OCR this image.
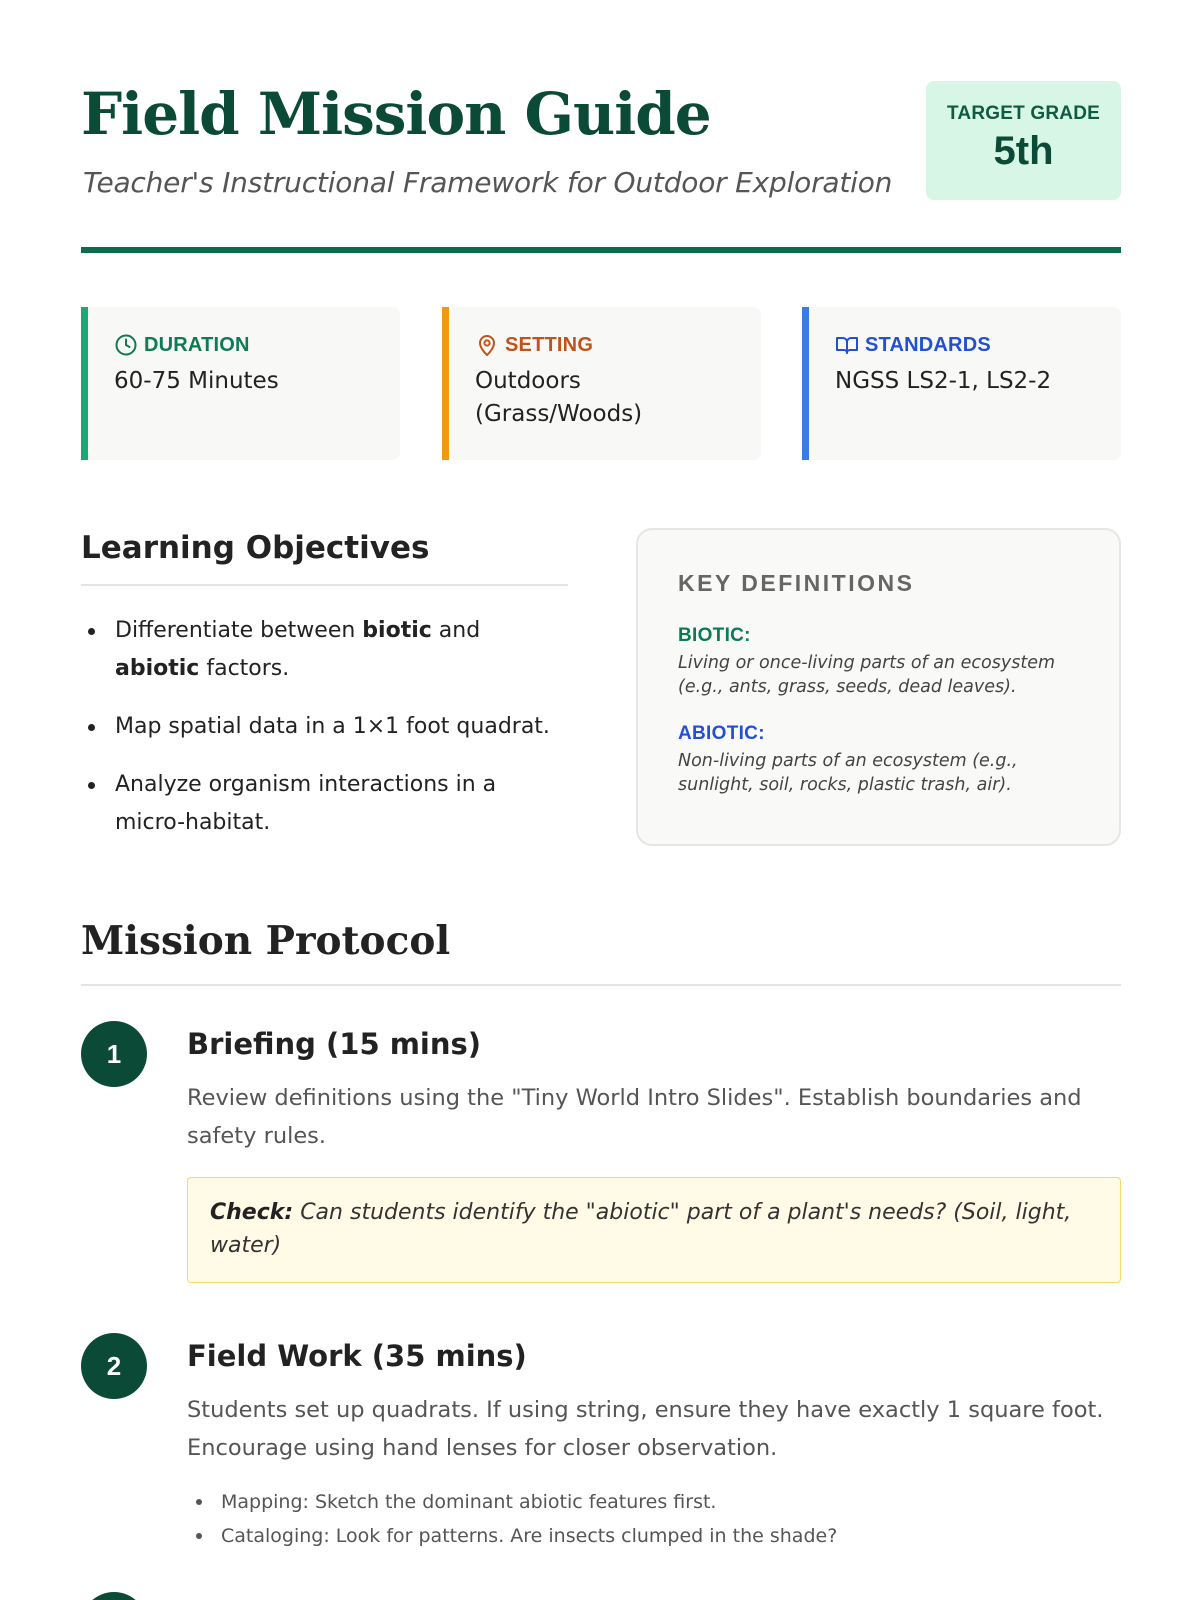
Field Mission Guide
Teacher's Instructional Framework for Outdoor Exploration
TARGET GRADE
5th
DURATION
60-75 Minutes
SETTING
Outdoors (Grass/Woods)
STANDARDS
NGSS LS2-1, LS2-2
Learning Objectives
Differentiate between biotic and abiotic factors.
Map spatial data in a 1×1 foot quadrat.
Analyze organism interactions in a micro-habitat.
KEY DEFINITIONS
BIOTIC:
Living or once-living parts of an ecosystem (e.g., ants, grass, seeds, dead leaves).
ABIOTIC:
Non-living parts of an ecosystem (e.g., sunlight, soil, rocks, plastic trash, air).
Mission Protocol
1	Briefing (15 mins)

Review definitions using the "Tiny World Intro Slides". Establish boundaries and safety rules.

Check: Can students identify the "abiotic" part of a plant's needs? (Soil, light, water)
2	Field Work (35 mins)

Students set up quadrats. If using string, ensure they have exactly 1 square foot. Encourage using hand lenses for closer observation.

Mapping: Sketch the dominant abiotic features first.
Cataloging: Look for patterns. Are insects clumped in the shade?
